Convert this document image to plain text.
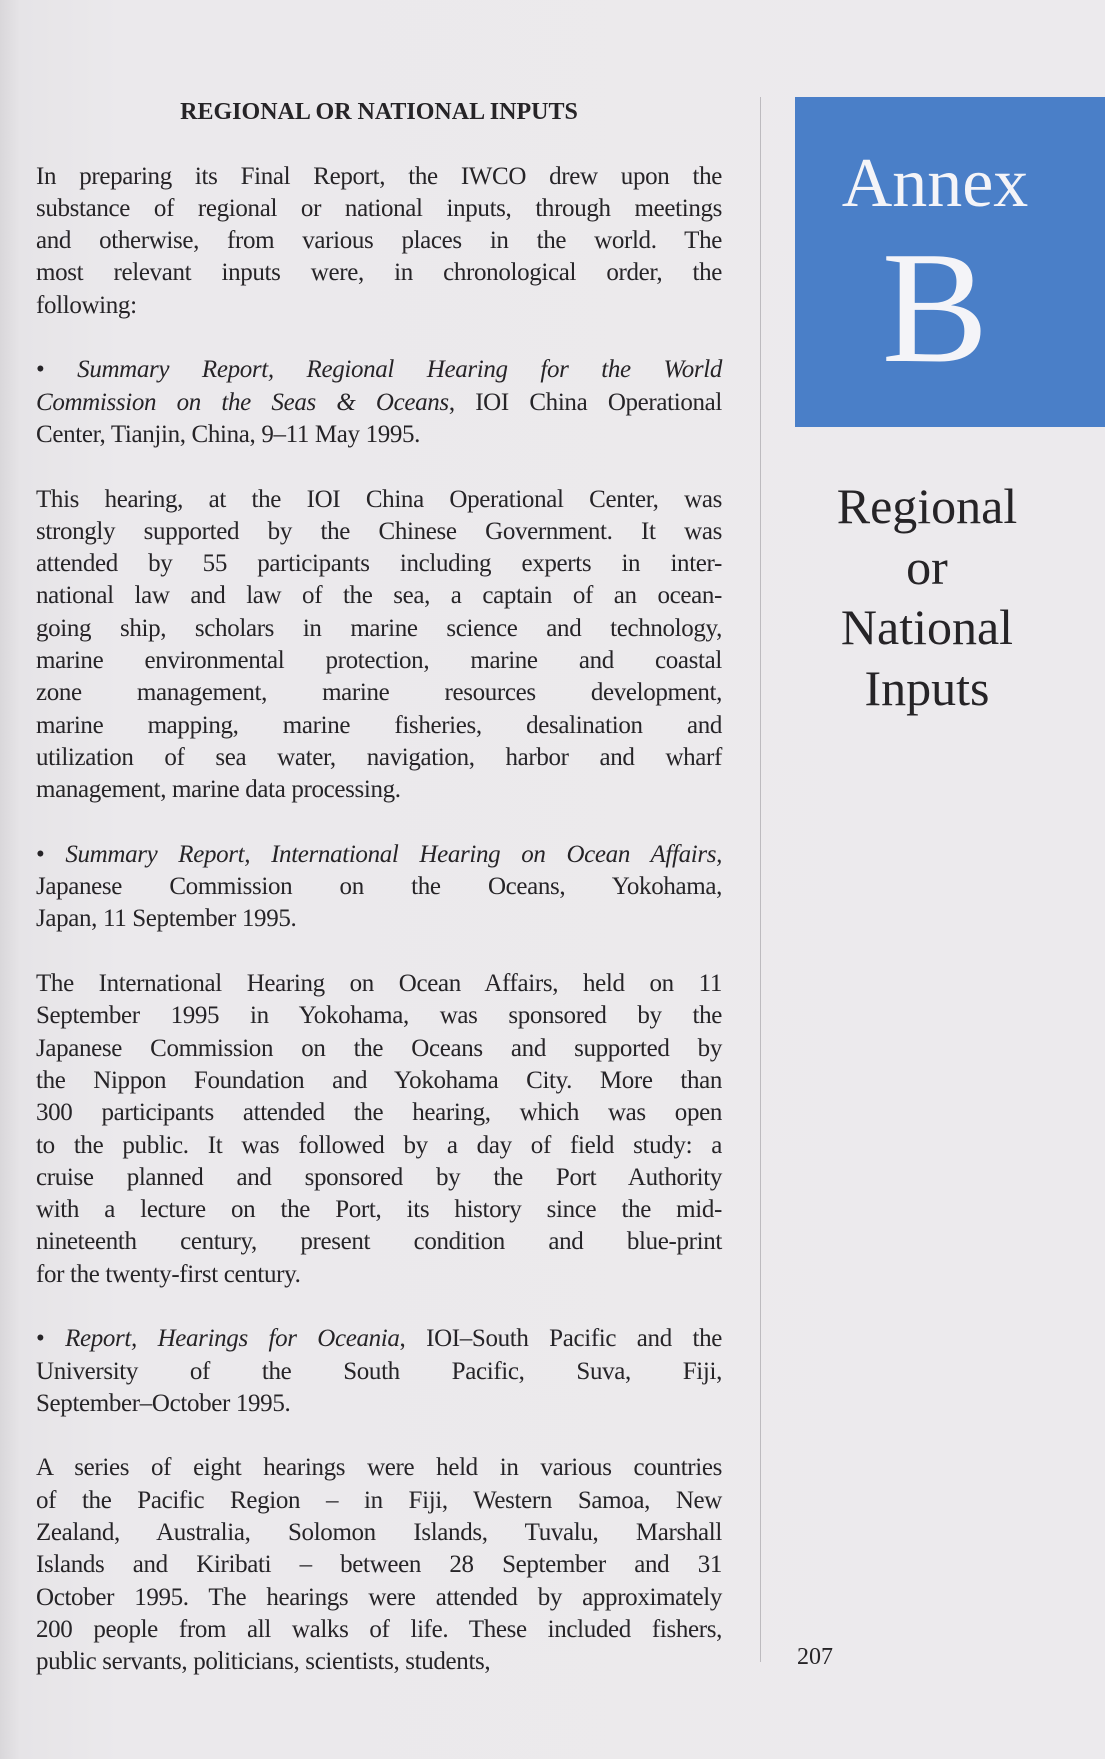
REGIONAL OR NATIONAL INPUTS
In preparing its Final Report, the IWCO drew upon the
substance of regional or national inputs, through meetings
and otherwise, from various places in the world. The
most relevant inputs were, in chronological order, the
following:
• Summary Report, Regional Hearing for the World
Commission on the Seas & Oceans, IOI China Operational
Center, Tianjin, China, 9–11 May 1995.
This hearing, at the IOI China Operational Center, was
strongly supported by the Chinese Government. It was
attended by 55 participants including experts in inter-
national law and law of the sea, a captain of an ocean-
going ship, scholars in marine science and technology,
marine environmental protection, marine and coastal
zone management, marine resources development,
marine mapping, marine fisheries, desalination and
utilization of sea water, navigation, harbor and wharf
management, marine data processing.
• Summary Report, International Hearing on Ocean Affairs,
Japanese Commission on the Oceans, Yokohama,
Japan, 11 September 1995.
The International Hearing on Ocean Affairs, held on 11
September 1995 in Yokohama, was sponsored by the
Japanese Commission on the Oceans and supported by
the Nippon Foundation and Yokohama City. More than
300 participants attended the hearing, which was open
to the public. It was followed by a day of field study: a
cruise planned and sponsored by the Port Authority
with a lecture on the Port, its history since the mid-
nineteenth century, present condition and blue-print
for the twenty-first century.
• Report, Hearings for Oceania, IOI–South Pacific and the
University of the South Pacific, Suva, Fiji,
September–October 1995.
A series of eight hearings were held in various countries
of the Pacific Region – in Fiji, Western Samoa, New
Zealand, Australia, Solomon Islands, Tuvalu, Marshall
Islands and Kiribati – between 28 September and 31
October 1995. The hearings were attended by approximately
200 people from all walks of life. These included fishers,
public servants, politicians, scientists, students,
Annex
B
Regional
or
National
Inputs
207
